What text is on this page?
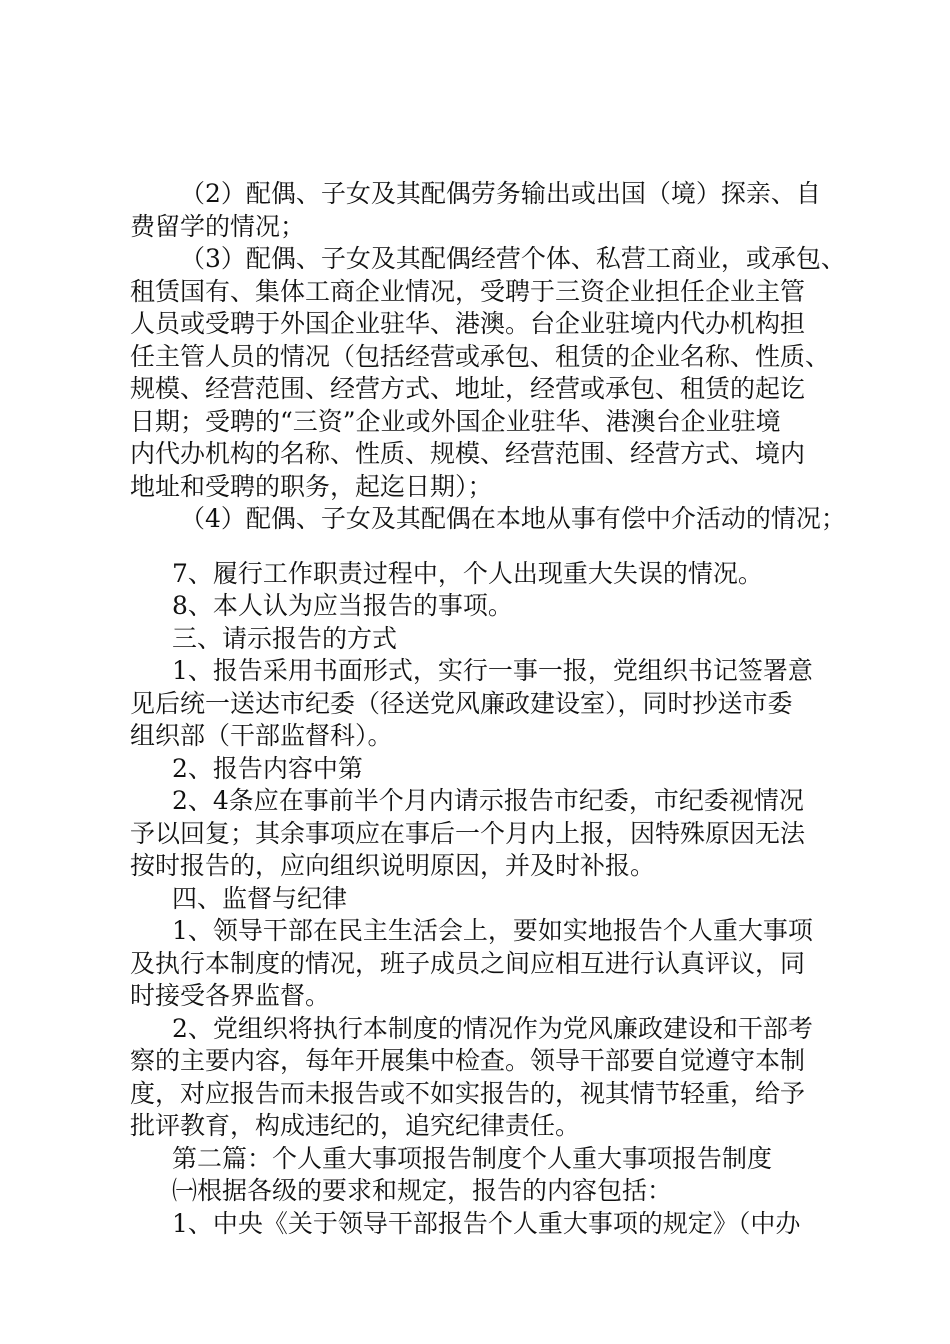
（2）配偶、子女及其配偶劳务输出或出国（境）探亲、自
费留学的情况；
（3）配偶、子女及其配偶经营个体、私营工商业，或承包、
租赁国有、集体工商企业情况，受聘于三资企业担任企业主管
人员或受聘于外国企业驻华、港澳。台企业驻境内代办机构担
任主管人员的情况（包括经营或承包、租赁的企业名称、性质、
规模、经营范围、经营方式、地址，经营或承包、租赁的起讫
日期；受聘的“三资”企业或外国企业驻华、港澳台企业驻境
内代办机构的名称、性质、规模、经营范围、经营方式、境内
地址和受聘的职务，起迄日期）；
（4）配偶、子女及其配偶在本地从事有偿中介活动的情况；
7、履行工作职责过程中，个人出现重大失误的情况。
8、本人认为应当报告的事项。
三、请示报告的方式
1、报告采用书面形式，实行一事一报，党组织书记签署意
见后统一送达市纪委（径送党风廉政建设室），同时抄送市委
组织部（干部监督科）。
2、报告内容中第
2、4条应在事前半个月内请示报告市纪委，市纪委视情况
予以回复；其余事项应在事后一个月内上报，因特殊原因无法
按时报告的，应向组织说明原因，并及时补报。
四、监督与纪律
1、领导干部在民主生活会上，要如实地报告个人重大事项
及执行本制度的情况，班子成员之间应相互进行认真评议，同
时接受各界监督。
2、党组织将执行本制度的情况作为党风廉政建设和干部考
察的主要内容，每年开展集中检查。领导干部要自觉遵守本制
度，对应报告而未报告或不如实报告的，视其情节轻重，给予
批评教育，构成违纪的，追究纪律责任。
第二篇：个人重大事项报告制度个人重大事项报告制度
㈠根据各级的要求和规定，报告的内容包括：
1、中央《关于领导干部报告个人重大事项的规定》（中办
